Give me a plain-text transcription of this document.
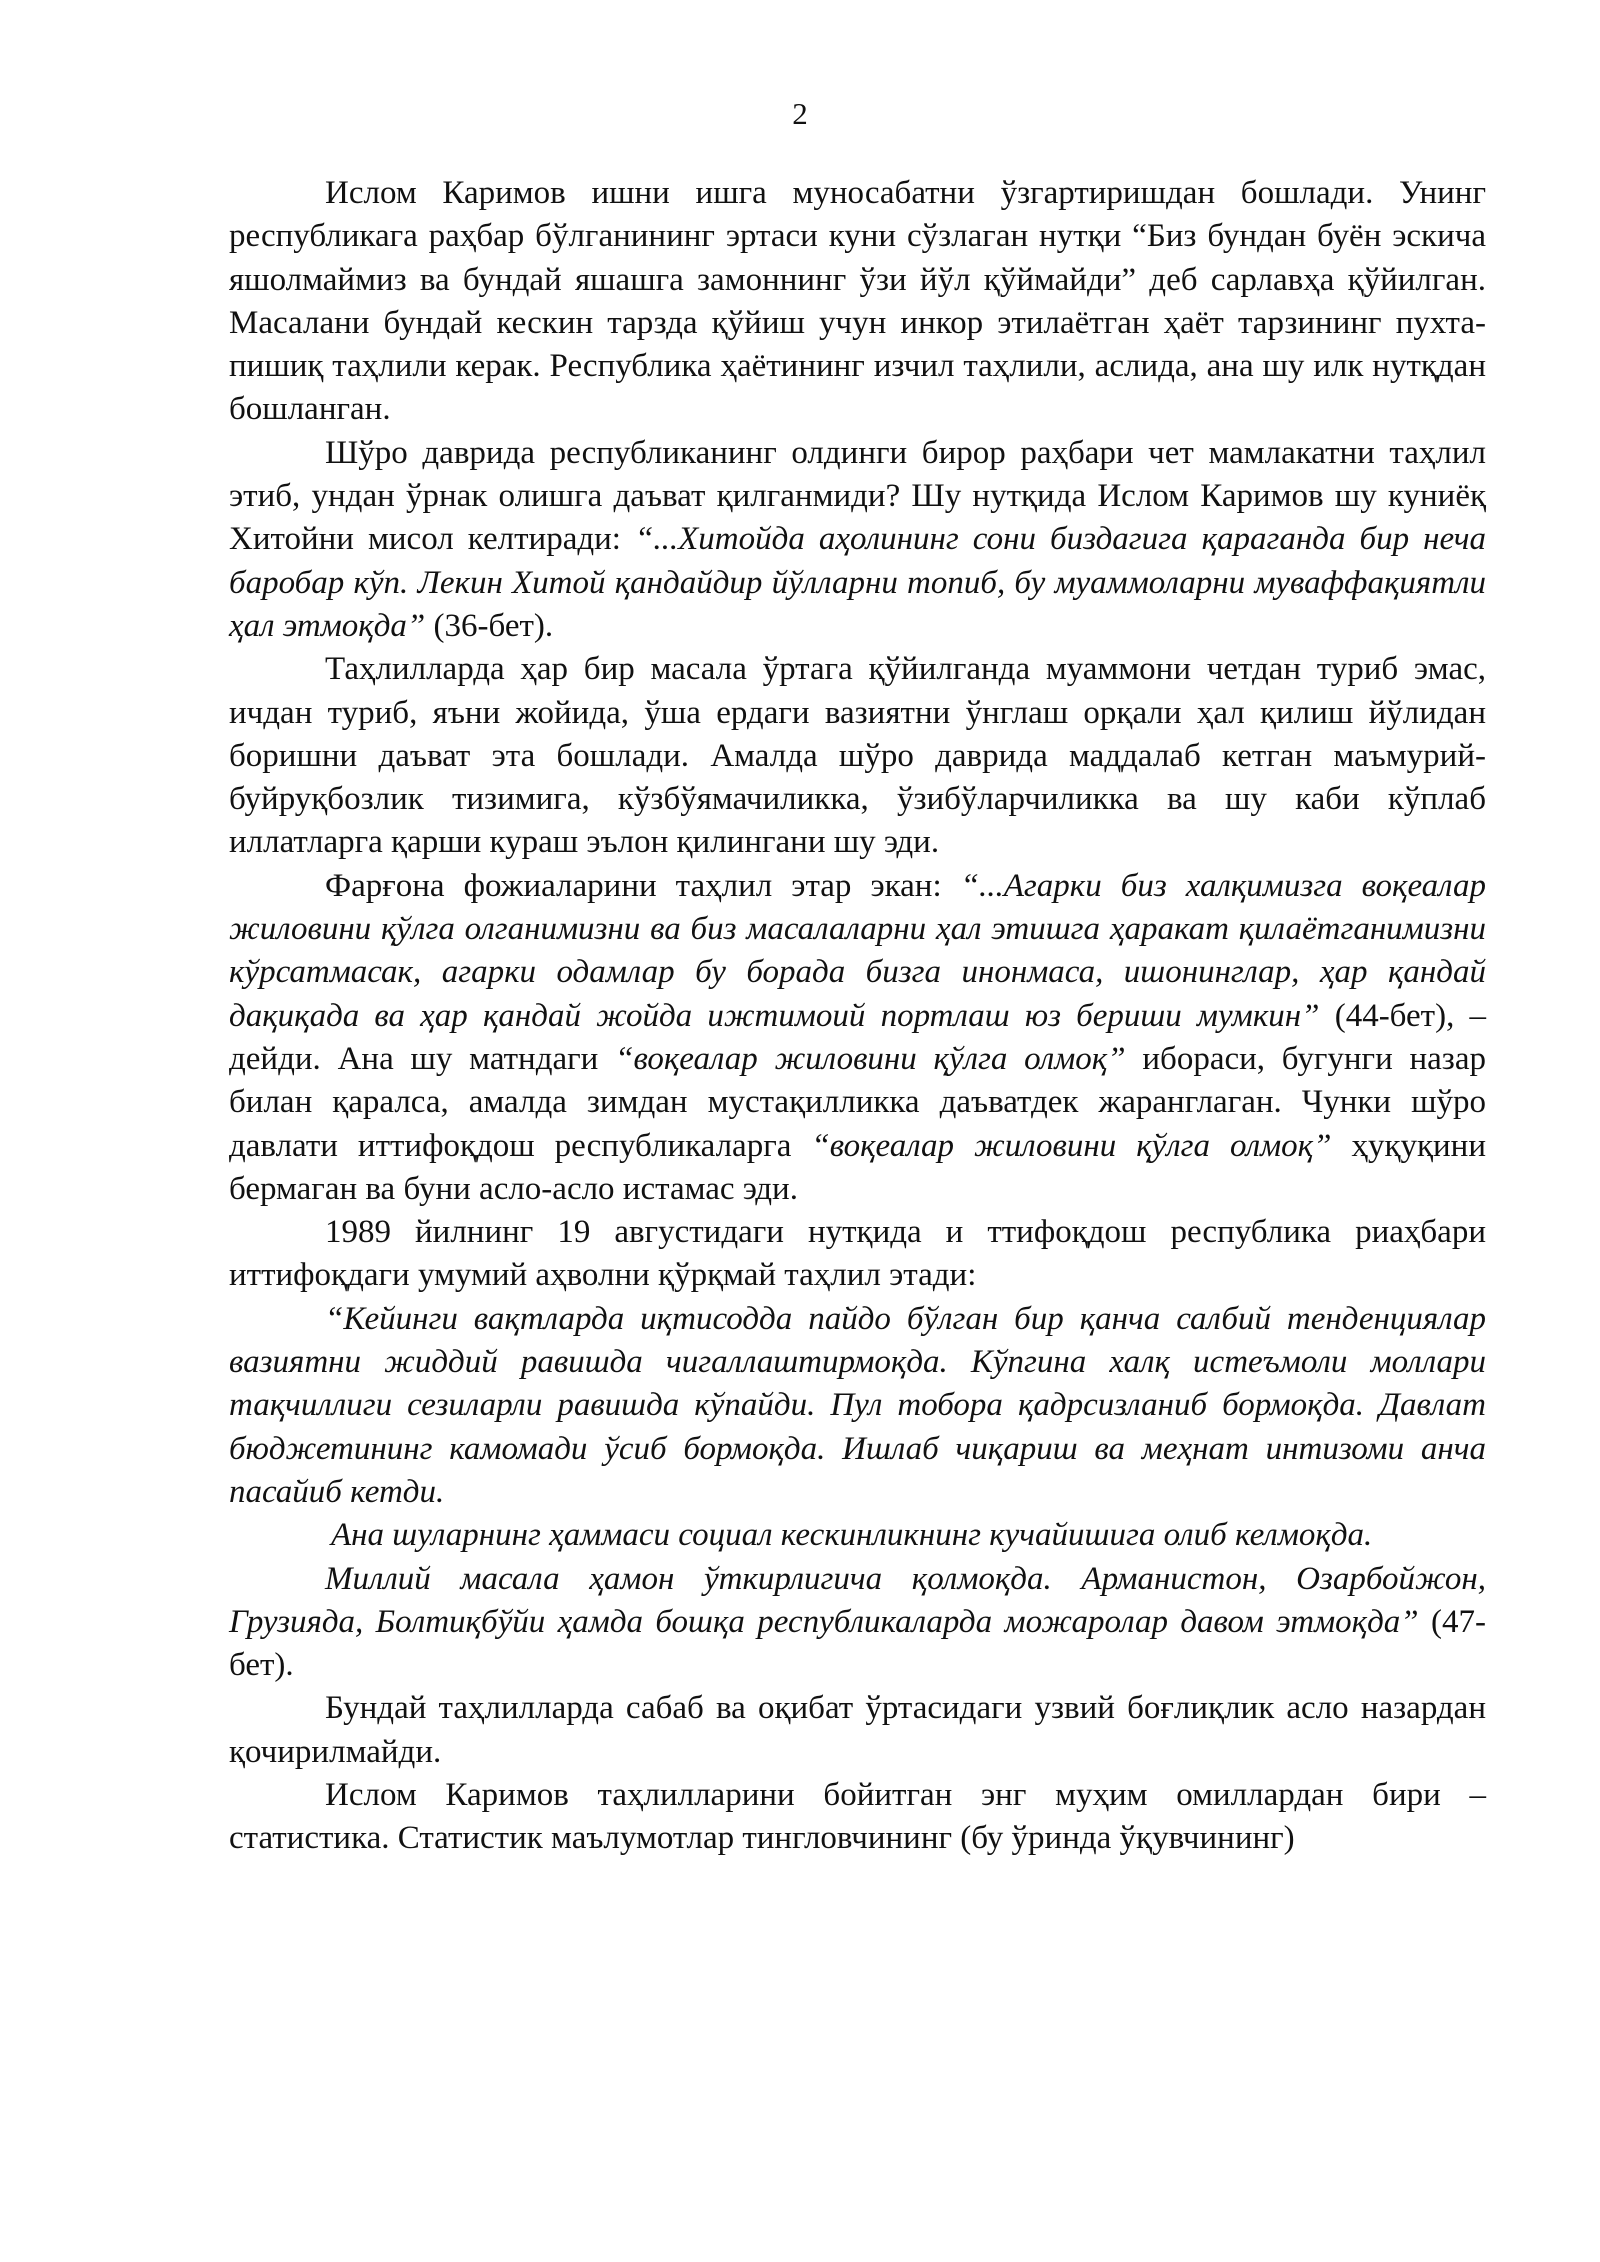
2

Ислом Каримов ишни ишга муносабатни ўзгартиришдан бошлади. Унинг республикага раҳбар бўлганининг эртаси куни сўзлаган нутқи “Биз бундан буён эскича яшолмаймиз ва бундай яшашга замоннинг ўзи йўл қўймайди” деб сарлавҳа қўйилган. Масалани бундай кескин тарзда қўйиш учун инкор этилаётган ҳаёт тарзининг пухта-пишиқ таҳлили керак. Республика ҳаётининг изчил таҳлили, аслида, ана шу илк нутқдан бошланган.

Шўро даврида республиканинг олдинги бирор раҳбари чет мамлакатни таҳлил этиб, ундан ўрнак олишга даъват қилганмиди? Шу нутқида Ислом Каримов шу куниёқ Хитойни мисол келтиради: “...Хитойда аҳолининг сони биздагига қараганда бир неча баробар кўп. Лекин Хитой қандайдир йўлларни топиб, бу муаммоларни муваффақиятли ҳал этмоқда” (36-бет).

Таҳлилларда ҳар бир масала ўртага қўйилганда муаммони четдан туриб эмас, ичдан туриб, яъни жойида, ўша ердаги вазиятни ўнглаш орқали ҳал қилиш йўлидан боришни даъват эта бошлади. Амалда шўро даврида маддалаб кетган маъмурий-буйруқбозлик тизимига, кўзбўямачиликка, ўзибўларчиликка ва шу каби кўплаб иллатларга қарши кураш эълон қилингани шу эди.

Фарғона фожиаларини таҳлил этар экан: “...Агарки биз халқимизга воқеалар жиловини қўлга олганимизни ва биз масалаларни ҳал этишга ҳаракат қилаётганимизни кўрсатмасак, агарки одамлар бу борада бизга инонмаса, ишонинглар, ҳар қандай дақиқада ва ҳар қандай жойда ижтимоий портлаш юз бериши мумкин” (44-бет), – дейди. Ана шу матндаги “воқеалар жиловини қўлга олмоқ” ибораси, бугунги назар билан қаралса, амалда зимдан мустақилликка даъватдек жаранглаган. Чунки шўро давлати иттифоқдош республикаларга “воқеалар жиловини қўлга олмоқ” ҳуқуқини бермаган ва буни асло-асло истамас эди.

1989 йилнинг 19 августидаги нутқида и ттифоқдош республика риаҳбари иттифоқдаги умумий аҳволни қўрқмай таҳлил этади:

“Кейинги вақтларда иқтисодда пайдо бўлган бир қанча салбий тенденциялар вазиятни жиддий равишда чигаллаштирмоқда. Кўпгина халқ истеъмоли моллари тақчиллиги сезиларли равишда кўпайди. Пул тобора қадрсизланиб бормоқда. Давлат бюджетининг камомади ўсиб бормоқда. Ишлаб чиқариш ва меҳнат интизоми анча пасайиб кетди.

Ана шуларнинг ҳаммаси социал кескинликнинг кучайишига олиб келмоқда.

Миллий масала ҳамон ўткирлигича қолмоқда. Арманистон, Озарбойжон, Грузияда, Болтиқбўйи ҳамда бошқа республикаларда можаролар давом этмоқда” (47-бет).

Бундай таҳлилларда сабаб ва оқибат ўртасидаги узвий боғлиқлик асло назардан қочирилмайди.

Ислом Каримов таҳлилларини бойитган энг муҳим омиллардан бири – статистика. Статистик маълумотлар тингловчининг (бу ўринда ўқувчининг)
